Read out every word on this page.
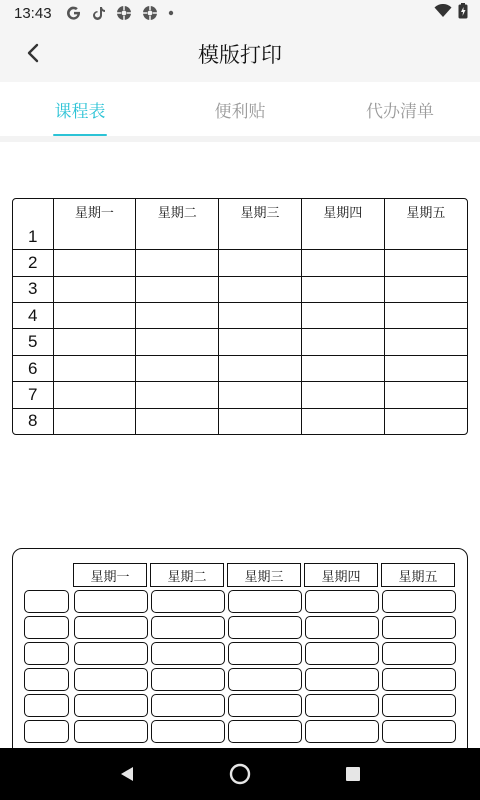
13:43
模版打印
课程表	便利贴	代办清单
	星期一	星期二	星期三	星期四	星期五
1					
2					
3					
4					
5					
6					
7					
8					
星期一	星期二	星期三	星期四	星期五
